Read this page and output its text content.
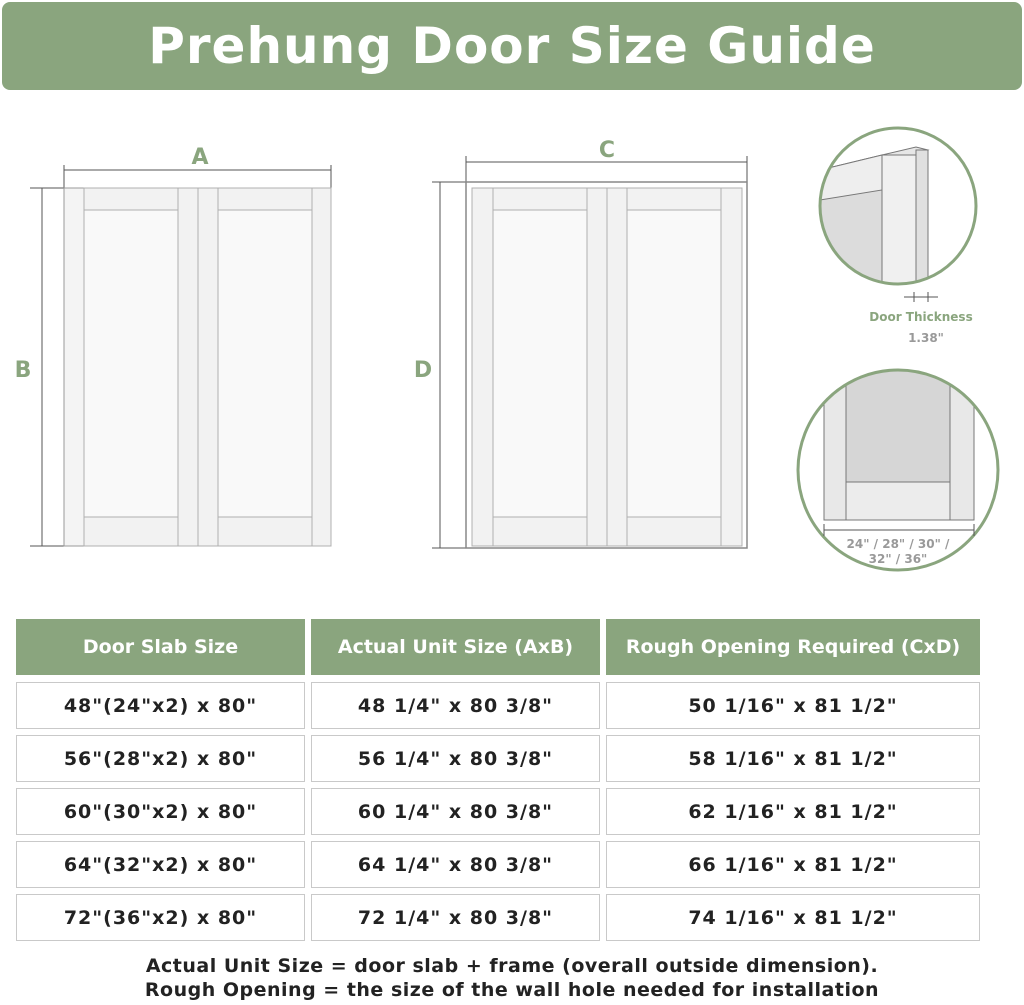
Prehung Door Size Guide
A
B
C
D
Door Thickness
1.38"
24" / 28" / 30" /
32" / 36"
Door Slab Size	Actual Unit Size (AxB)	Rough Opening Required (CxD)
48"(24"x2) x 80"	48 1/4" x 80 3/8"	50 1/16" x 81 1/2"
56"(28"x2) x 80"	56 1/4" x 80 3/8"	58 1/16" x 81 1/2"
60"(30"x2) x 80"	60 1/4" x 80 3/8"	62 1/16" x 81 1/2"
64"(32"x2) x 80"	64 1/4" x 80 3/8"	66 1/16" x 81 1/2"
72"(36"x2) x 80"	72 1/4" x 80 3/8"	74 1/16" x 81 1/2"
Actual Unit Size = door slab + frame (overall outside dimension).
Rough Opening = the size of the wall hole needed for installation
